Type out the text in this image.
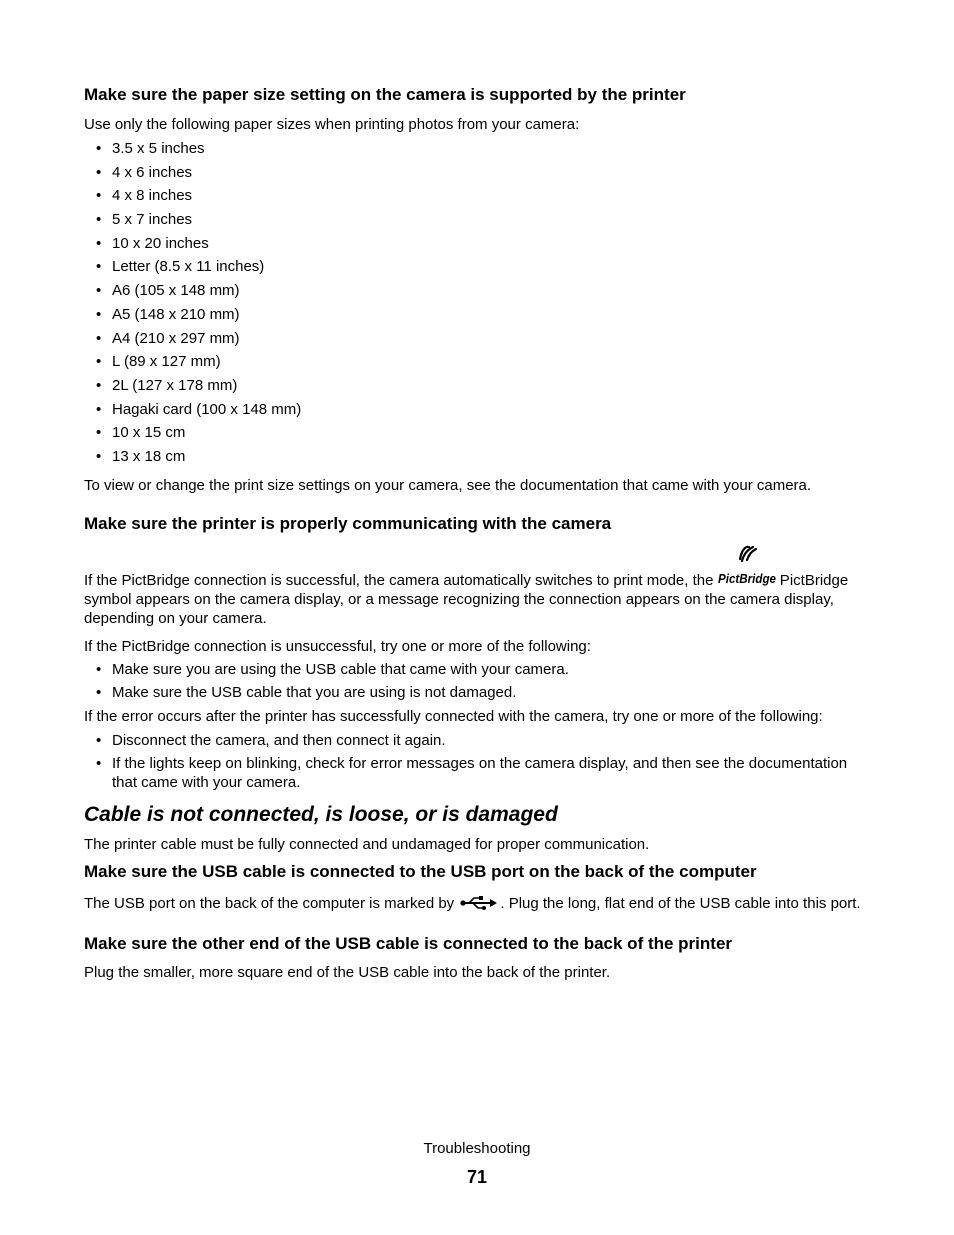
Make sure the paper size setting on the camera is supported by the printer

Use only the following paper sizes when printing photos from your camera:

• 3.5 x 5 inches
• 4 x 6 inches
• 4 x 8 inches
• 5 x 7 inches
• 10 x 20 inches
• Letter (8.5 x 11 inches)
• A6 (105 x 148 mm)
• A5 (148 x 210 mm)
• A4 (210 x 297 mm)
• L (89 x 127 mm)
• 2L (127 x 178 mm)
• Hagaki card (100 x 148 mm)
• 10 x 15 cm
• 13 x 18 cm

To view or change the print size settings on your camera, see the documentation that came with your camera.

Make sure the printer is properly communicating with the camera

If the PictBridge connection is successful, the camera automatically switches to print mode, the PictBridge PictBridge symbol appears on the camera display, or a message recognizing the connection appears on the camera display, depending on your camera.

If the PictBridge connection is unsuccessful, try one or more of the following:

• Make sure you are using the USB cable that came with your camera.
• Make sure the USB cable that you are using is not damaged.

If the error occurs after the printer has successfully connected with the camera, try one or more of the following:

• Disconnect the camera, and then connect it again.
• If the lights keep on blinking, check for error messages on the camera display, and then see the documentation that came with your camera.
Cable is not connected, is loose, or is damaged

The printer cable must be fully connected and undamaged for proper communication.

Make sure the USB cable is connected to the USB port on the back of the computer

The USB port on the back of the computer is marked by	. Plug the long, flat end of the USB cable into this port.

Make sure the other end of the USB cable is connected to the back of the printer

Plug the smaller, more square end of the USB cable into the back of the printer.

Troubleshooting
71
